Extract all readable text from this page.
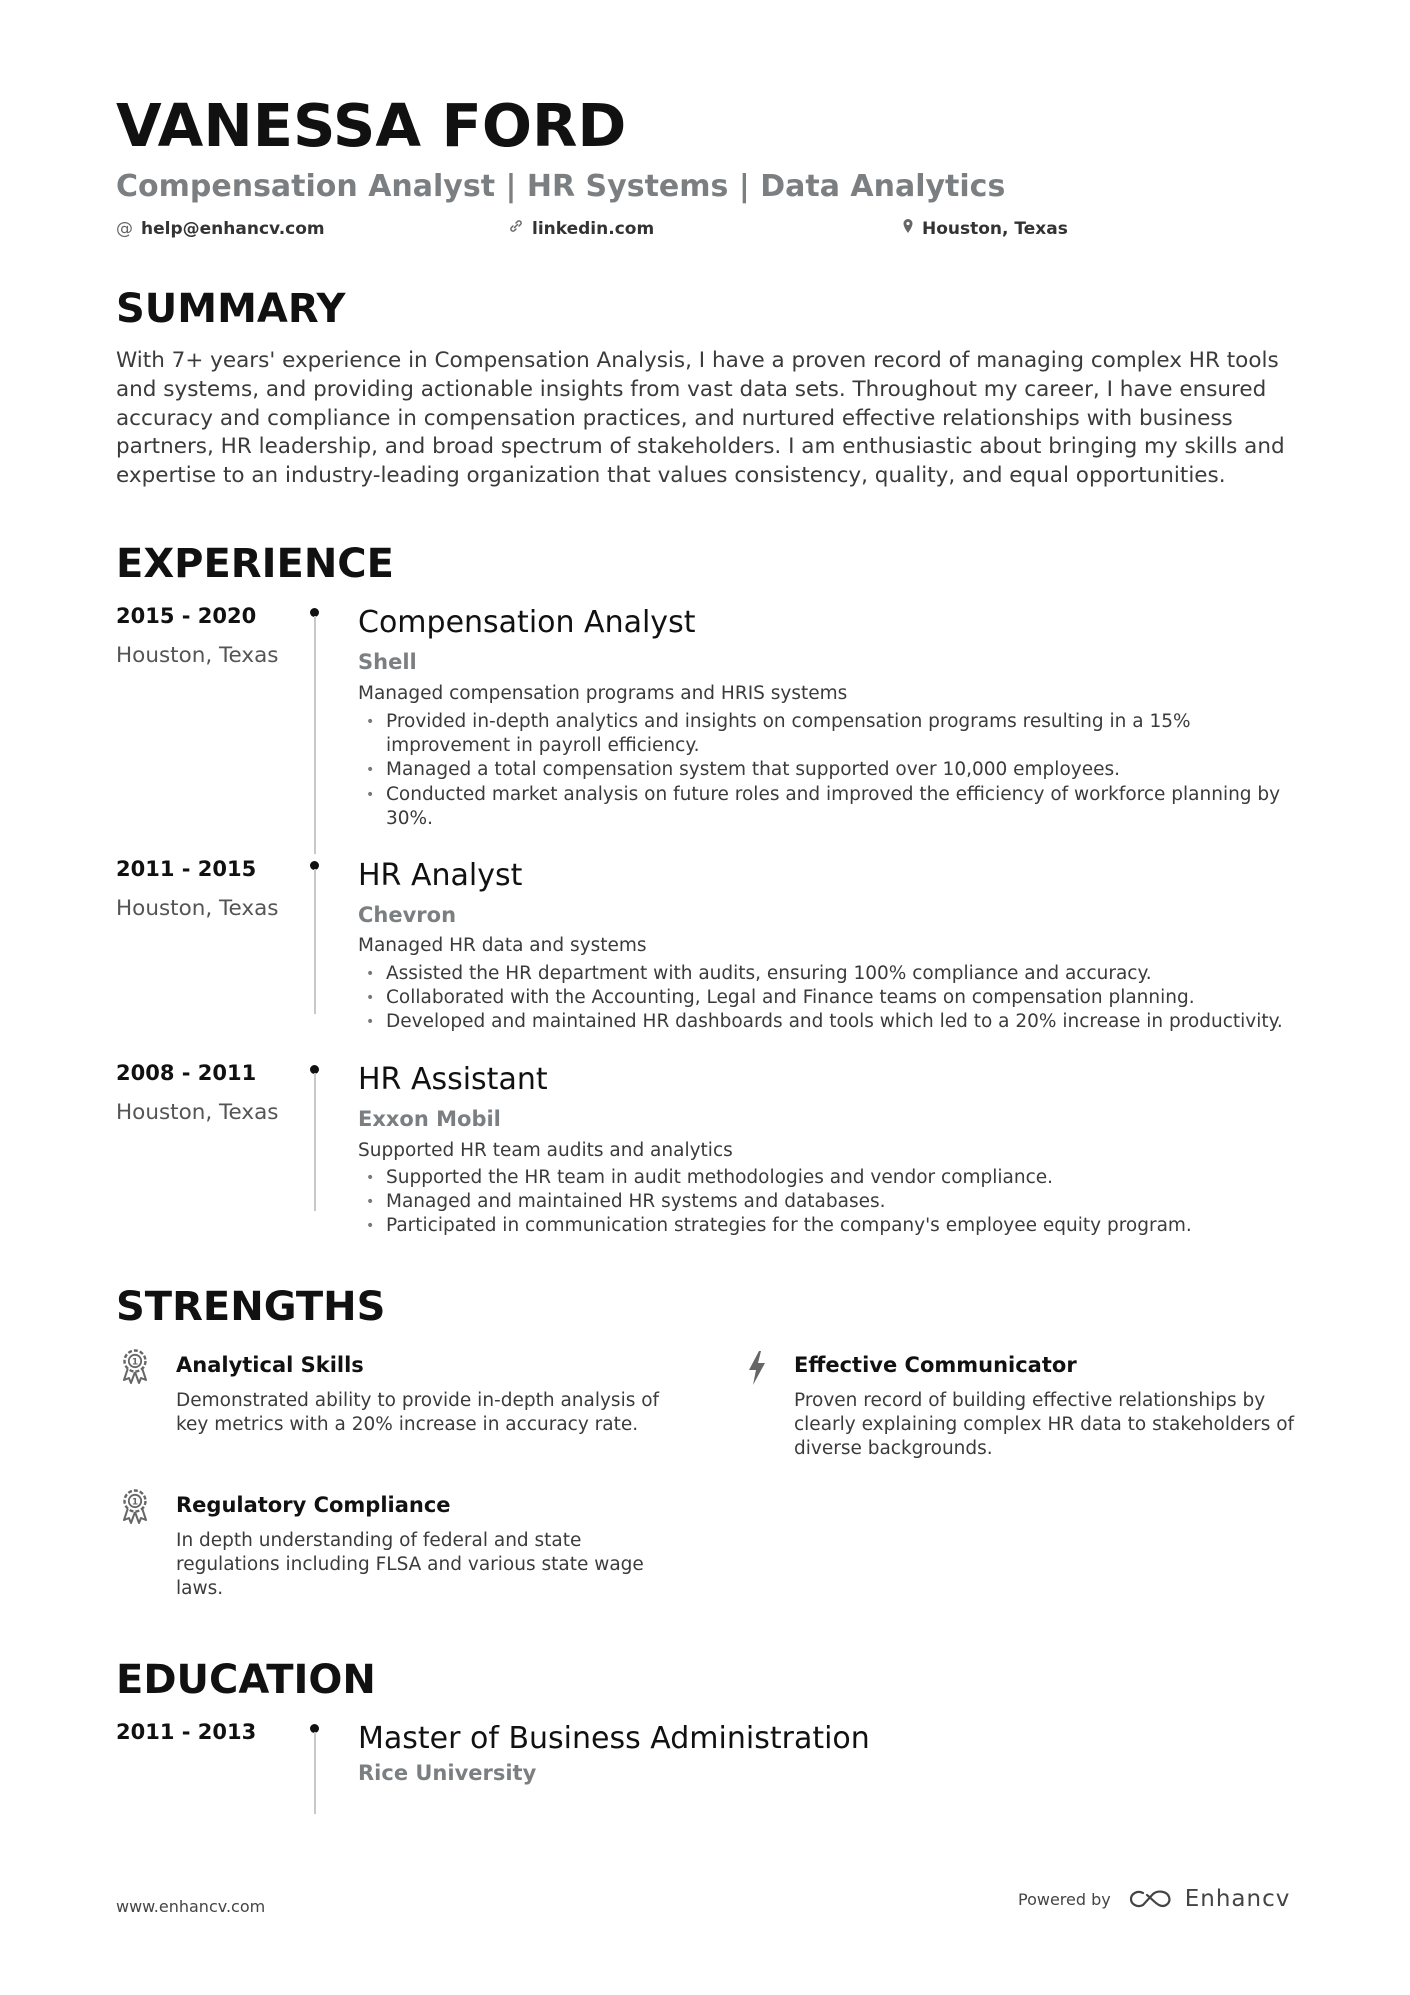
VANESSA FORD
Compensation Analyst | HR Systems | Data Analytics
@ help@enhancv.com	linkedin.com	Houston, Texas
SUMMARY
With 7+ years' experience in Compensation Analysis, I have a proven record of managing complex HR tools and systems, and providing actionable insights from vast data sets. Throughout my career, I have ensured accuracy and compliance in compensation practices, and nurtured effective relationships with business partners, HR leadership, and broad spectrum of stakeholders. I am enthusiastic about bringing my skills and expertise to an industry-leading organization that values consistency, quality, and equal opportunities.
EXPERIENCE
2015 - 2020
Houston, Texas
Compensation Analyst
Shell
Managed compensation programs and HRIS systems
• Provided in-depth analytics and insights on compensation programs resulting in a 15% improvement in payroll efficiency.
• Managed a total compensation system that supported over 10,000 employees.
• Conducted market analysis on future roles and improved the efficiency of workforce planning by 30%.
2011 - 2015
Houston, Texas
HR Analyst
Chevron
Managed HR data and systems
• Assisted the HR department with audits, ensuring 100% compliance and accuracy.
• Collaborated with the Accounting, Legal and Finance teams on compensation planning.
• Developed and maintained HR dashboards and tools which led to a 20% increase in productivity.
2008 - 2011
Houston, Texas
HR Assistant
Exxon Mobil
Supported HR team audits and analytics
• Supported the HR team in audit methodologies and vendor compliance.
• Managed and maintained HR systems and databases.
• Participated in communication strategies for the company's employee equity program.
STRENGTHS
1 Analytical Skills
Demonstrated ability to provide in-depth analysis of key metrics with a 20% increase in accuracy rate.
Effective Communicator
Proven record of building effective relationships by clearly explaining complex HR data to stakeholders of diverse backgrounds.
1 Regulatory Compliance
In depth understanding of federal and state regulations including FLSA and various state wage laws.
EDUCATION
2011 - 2013	Master of Business Administration
Rice University
www.enhancv.com	Powered by	Enhancv
